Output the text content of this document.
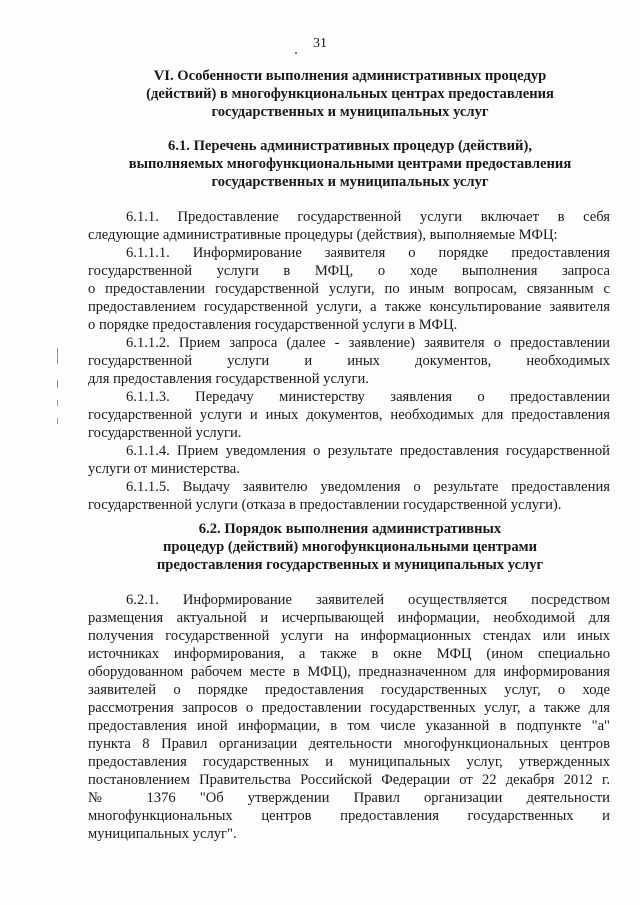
31
VI. Особенности выполнения административных процедур
(действий) в многофункциональных центрах предоставления
государственных и муниципальных услуг
6.1. Перечень административных процедур (действий),
выполняемых многофункциональными центрами предоставления
государственных и муниципальных услуг
6.1.1. Предоставление государственной услуги включает в себя
следующие административные процедуры (действия), выполняемые МФЦ:
6.1.1.1. Информирование заявителя о порядке предоставления
государственной услуги в МФЦ, о ходе выполнения запроса
о предоставлении государственной услуги, по иным вопросам, связанным с
предоставлением государственной услуги, а также консультирование заявителя
о порядке предоставления государственной услуги в МФЦ.
6.1.1.2. Прием запроса (далее - заявление) заявителя о предоставлении
государственной услуги и иных документов, необходимых
для предоставления государственной услуги.
6.1.1.3. Передачу министерству заявления о предоставлении
государственной услуги и иных документов, необходимых для предоставления
государственной услуги.
6.1.1.4. Прием уведомления о результате предоставления государственной
услуги от министерства.
6.1.1.5. Выдачу заявителю уведомления о результате предоставления
государственной услуги (отказа в предоставлении государственной услуги).
6.2. Порядок выполнения административных
процедур (действий) многофункциональными центрами
предоставления государственных и муниципальных услуг
6.2.1. Информирование заявителей осуществляется посредством
размещения актуальной и исчерпывающей информации, необходимой для
получения государственной услуги на информационных стендах или иных
источниках информирования, а также в окне МФЦ (ином специально
оборудованном рабочем месте в МФЦ), предназначенном для информирования
заявителей о порядке предоставления государственных услуг, о ходе
рассмотрения запросов о предоставлении государственных услуг, а также для
предоставления иной информации, в том числе указанной в подпункте "а"
пункта 8 Правил организации деятельности многофункциональных центров
предоставления государственных и муниципальных услуг, утвержденных
постановлением Правительства Российской Федерации от 22 декабря 2012 г.
№ 1376 "Об утверждении Правил организации деятельности
многофункциональных центров предоставления государственных и
муниципальных услуг".
